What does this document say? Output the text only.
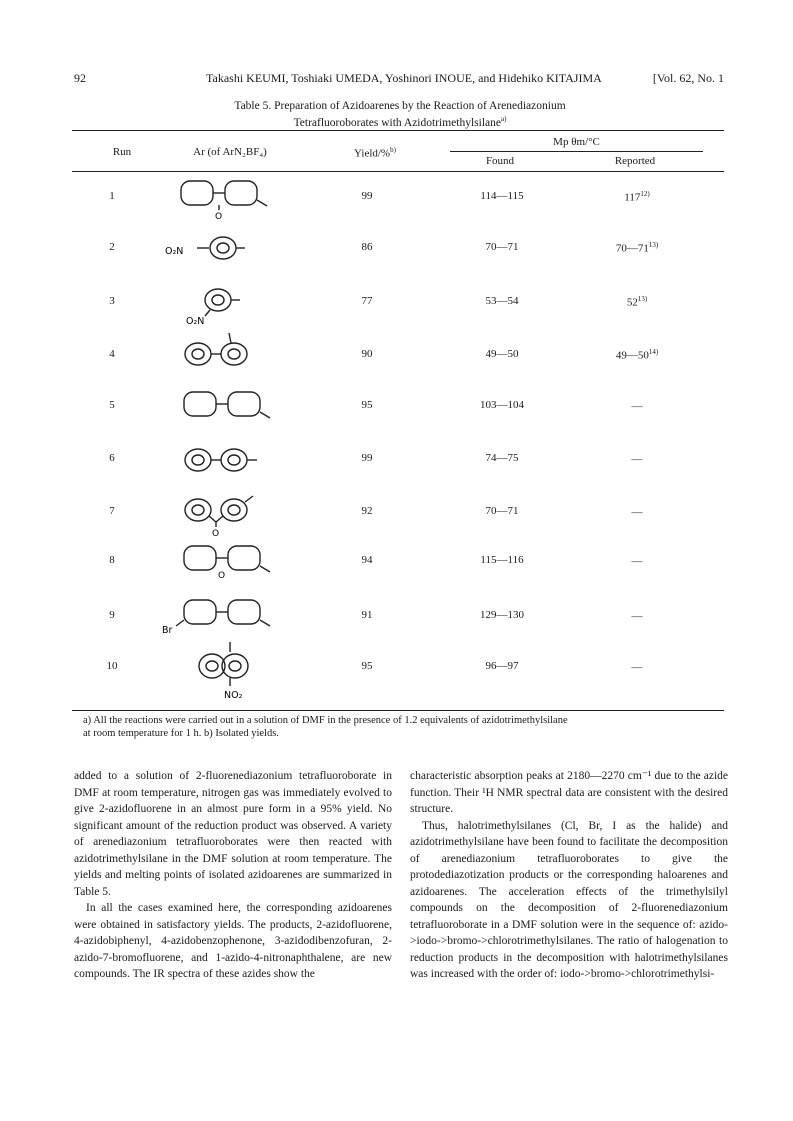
92	Takashi KEUMI, Toshiaki UMEDA, Yoshinori INOUE, and Hidehiko KITAJIMA	[Vol. 62, No. 1
Table 5. Preparation of Azidoarenes by the Reaction of Arenediazonium
Tetrafluoroborates with Azidotrimethylsilane$^{a)}$
Run	Ar (of ArN₂BF₄)	Yield/%$^{b)}$
Mp θm/°C
Found	Reported
1	99	114—115	117$^{12)}$
2	86	70—71	70—71$^{13)}$
3	77	53—54	52$^{13)}$
4	90	49—50	49—50$^{14)}$
5	95	103—104	—
6	99	74—75	—
7	92	70—71	—
8	94	115—116	—
9	91	129—130	—
10	95	96—97	—
O
O₂N
O₂N
O
O
Br
NO₂
a) All the reactions were carried out in a solution of DMF in the presence of 1.2 equivalents of azidotrimethylsilane
at room temperature for 1 h. b) Isolated yields.

added to a solution of 2-fluorenediazonium tetrafluoroborate in DMF at room temperature, nitrogen gas was immediately evolved to give 2-azidofluorene in an almost pure form in a 95% yield. No significant amount of the reduction product was observed. A variety of arenediazonium tetrafluoroborates were then reacted with azidotrimethylsilane in the DMF solution at room temperature. The yields and melting points of isolated azidoarenes are summarized in Table 5.

In all the cases examined here, the corresponding azidoarenes were obtained in satisfactory yields. The products, 2-azidofluorene, 4-azidobiphenyl, 4-azidobenzophenone, 3-azidodibenzofuran, 2-azido-7-bromofluorene, and 1-azido-4-nitronaphthalene, are new compounds. The IR spectra of these azides show the

characteristic absorption peaks at 2180—2270 cm⁻¹ due to the azide function. Their ¹H NMR spectral data are consistent with the desired structure.

Thus, halotrimethylsilanes (Cl, Br, I as the halide) and azidotrimethylsilane have been found to facilitate the decomposition of arenediazonium tetrafluoroborates to give the protodediazotization products or the corresponding haloarenes and azidoarenes. The acceleration effects of the trimethylsilyl compounds on the decomposition of 2-fluorenediazonium tetrafluoroborate in a DMF solution were in the sequence of: azido->iodo->bromo->chlorotrimethylsilanes. The ratio of halogenation to reduction products in the decomposition with halotrimethylsilanes was increased with the order of: iodo->bromo->chlorotrimethylsi-
